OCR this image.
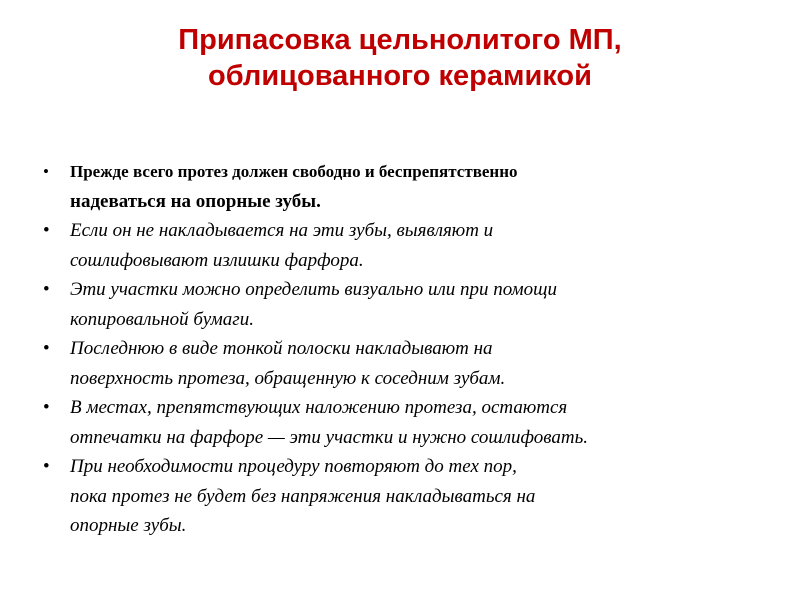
Припасовка цельнолитого МП,
облицованного керамикой
• Прежде всего протез должен свободно и беспрепятственно
надеваться на опорные зубы.
• Если он не накладывается на эти зубы, выявляют и
сошлифовывают излишки фарфора.
• Эти участки можно определить визуально или при помощи
копировальной бумаги.
• Последнюю в виде тонкой полоски накладывают на
поверхность протеза, обращенную к соседним зубам.
• В местах, препятствующих наложению протеза, остаются
отпечатки на фарфоре — эти участки и нужно сошлифовать.
• При необходимости процедуру повторяют до тех пор,
пока протез не будет без напряжения накладываться на
опорные зубы.
